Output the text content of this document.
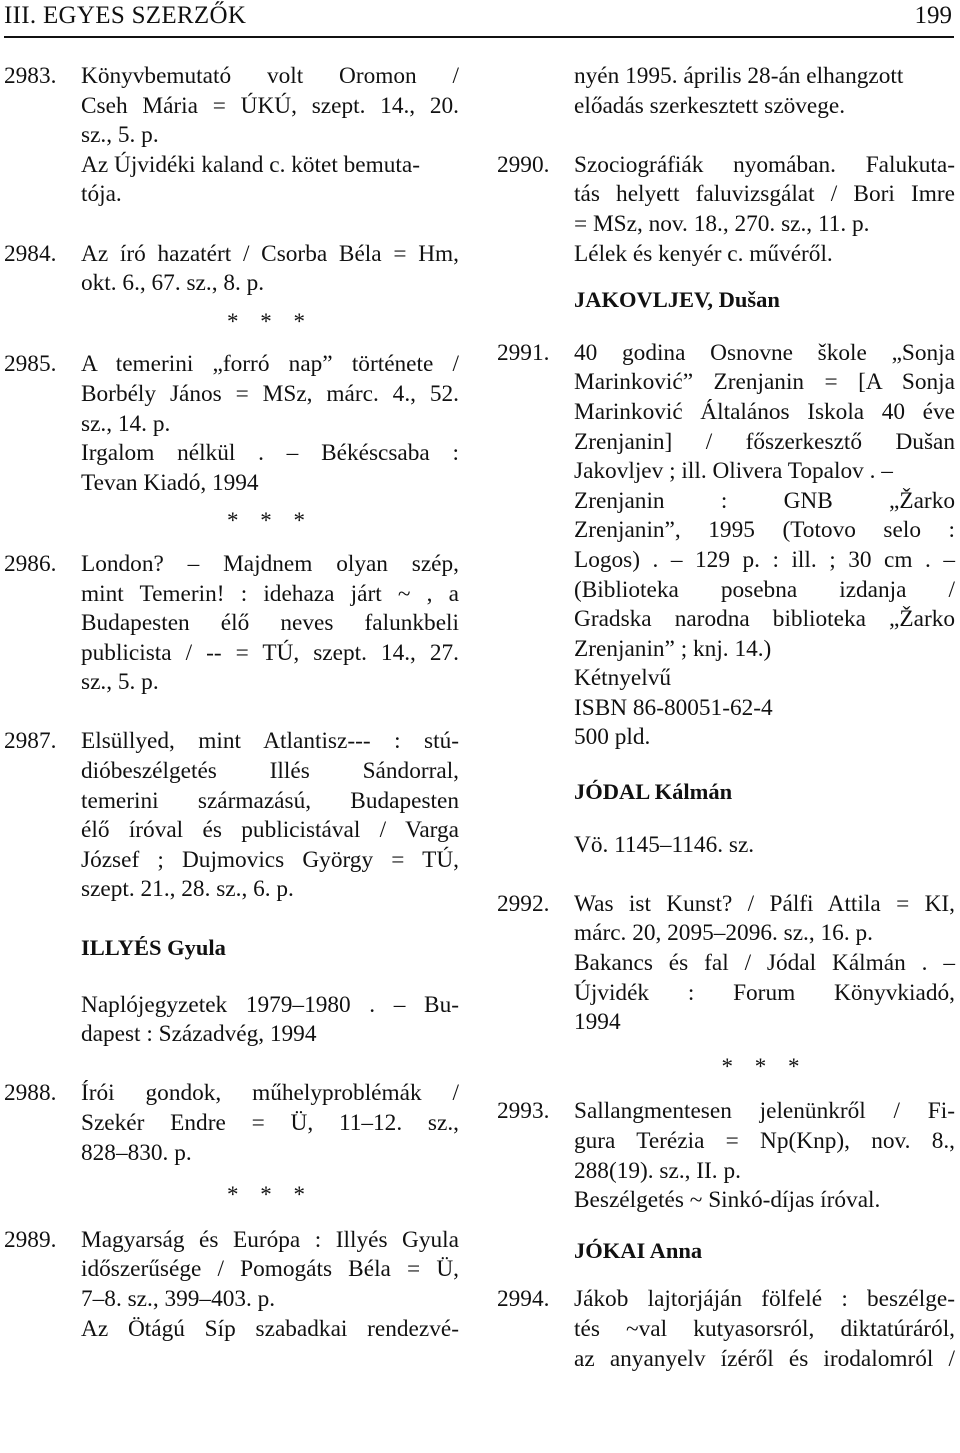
III. EGYES SZERZŐK	199
2983. Könyvbemutató volt Oromon /
Cseh Mária = ÚKÚ, szept. 14., 20.
sz., 5. p.
Az Újvidéki kaland c. kötet bemuta-
tója.
2984. Az író hazatért / Csorba Béla = Hm,
okt. 6., 67. sz., 8. p.
* * *
2985. A temerini „forró nap” története /
Borbély János = MSz, márc. 4., 52.
sz., 14. p.
Irgalom nélkül . – Békéscsaba :
Tevan Kiadó, 1994
* * *
2986. London? – Majdnem olyan szép,
mint Temerin! : idehaza járt ~ , a
Budapesten élő neves falunkbeli
publicista / -- = TÚ, szept. 14., 27.
sz., 5. p.
2987. Elsüllyed, mint Atlantisz--- : stú-
dióbeszélgetés Illés Sándorral,
temerini származású, Budapesten
élő íróval és publicistával / Varga
József ; Dujmovics György = TÚ,
szept. 21., 28. sz., 6. p.
ILLYÉS Gyula
Naplójegyzetek 1979–1980 . – Bu-
dapest : Századvég, 1994
2988. Írói gondok, műhelyproblémák /
Szekér Endre = Ü, 11–12. sz.,
828–830. p.
* * *
2989. Magyarság és Európa : Illyés Gyula
időszerűsége / Pomogáts Béla = Ü,
7–8. sz., 399–403. p.
Az Ötágú Síp szabadkai rendezvé-
nyén 1995. április 28-án elhangzott
előadás szerkesztett szövege.
2990. Szociográfiák nyomában. Falukuta-
tás helyett faluvizsgálat / Bori Imre
= MSz, nov. 18., 270. sz., 11. p.
Lélek és kenyér c. művéről.
JAKOVLJEV, Dušan
2991. 40 godina Osnovne škole „Sonja
Marinković” Zrenjanin = [A Sonja
Marinković Általános Iskola 40 éve
Zrenjanin] / főszerkesztő Dušan
Jakovljev ; ill. Olivera Topalov . –
Zrenjanin : GNB „Žarko
Zrenjanin”, 1995 (Totovo selo :
Logos) . – 129 p. : ill. ; 30 cm . –
(Biblioteka posebna izdanja /
Gradska narodna biblioteka „Žarko
Zrenjanin” ; knj. 14.)
Kétnyelvű
ISBN 86-80051-62-4
500 pld.
JÓDAL Kálmán
Vö. 1145–1146. sz.
2992. Was ist Kunst? / Pálfi Attila = KI,
márc. 20, 2095–2096. sz., 16. p.
Bakancs és fal / Jódal Kálmán . –
Újvidék : Forum Könyvkiadó,
1994
* * *
2993. Sallangmentesen jelenünkről / Fi-
gura Terézia = Np(Knp), nov. 8.,
288(19). sz., II. p.
Beszélgetés ~ Sinkó-díjas íróval.
JÓKAI Anna
2994. Jákob lajtorjáján fölfelé : beszélge-
tés ~val kutyasorsról, diktatúráról,
az anyanyelv ízéről és irodalomról /
